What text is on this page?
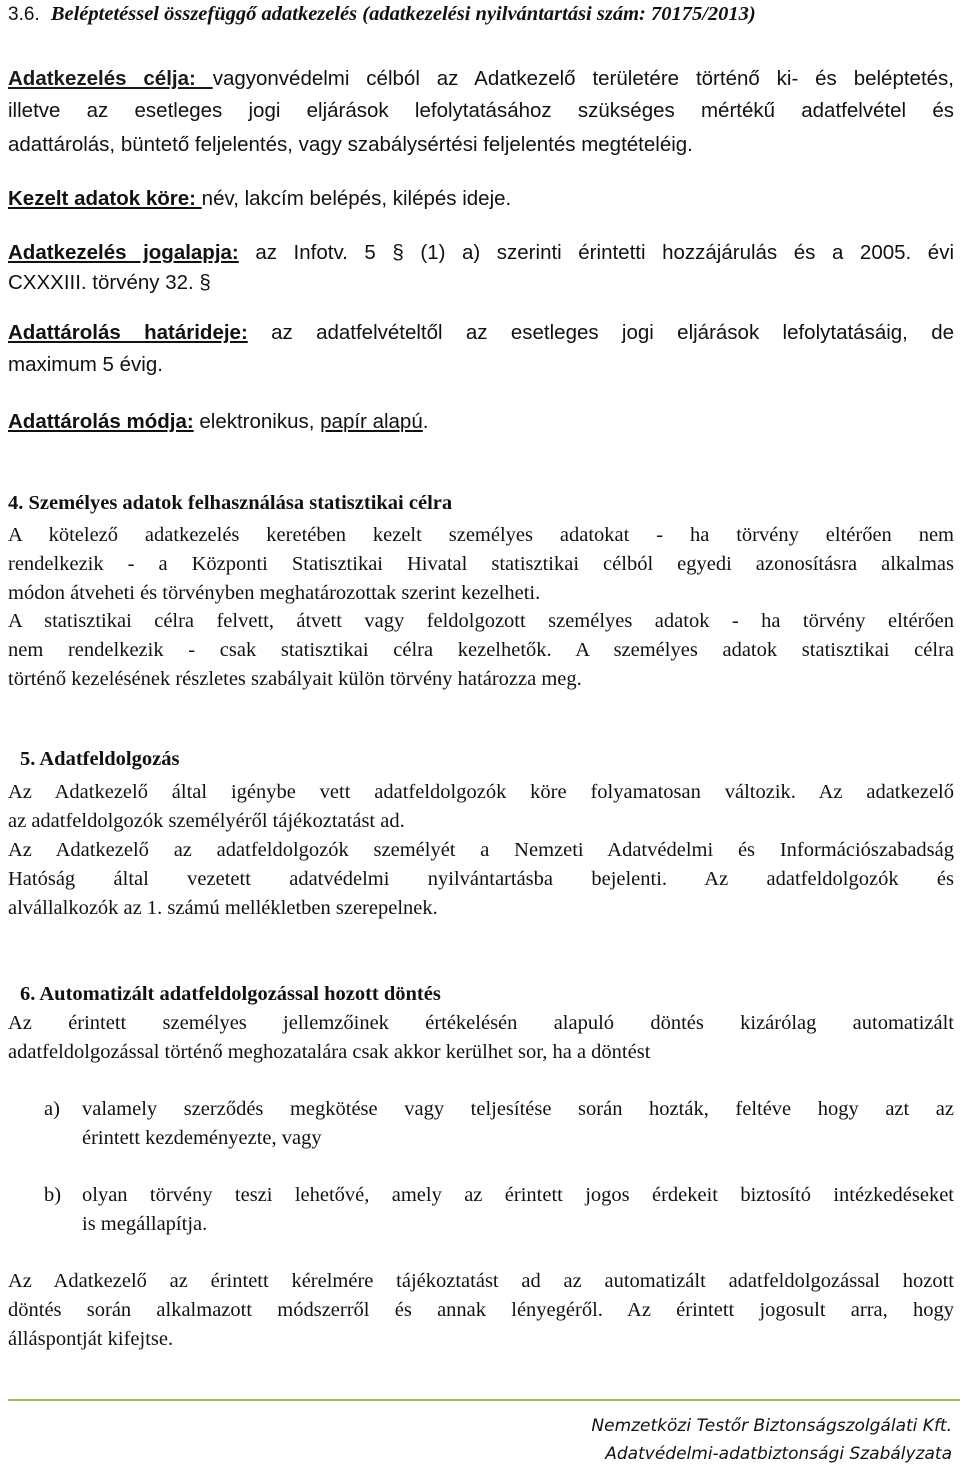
3.6. Beléptetéssel összefüggő adatkezelés (adatkezelési nyilvántartási szám: 70175/2013)
Adatkezelés célja: vagyonvédelmi célból az Adatkezelő területére történő ki- és beléptetés,
illetve az esetleges jogi eljárások lefolytatásához szükséges mértékű adatfelvétel és
adattárolás, büntető feljelentés, vagy szabálysértési feljelentés megtételéig.
Kezelt adatok köre: név, lakcím belépés, kilépés ideje.
Adatkezelés jogalapja: az Infotv. 5 § (1) a) szerinti érintetti hozzájárulás és a 2005. évi
CXXXIII. törvény 32. §
Adattárolás határideje: az adatfelvételtől az esetleges jogi eljárások lefolytatásáig, de
maximum 5 évig.
Adattárolás módja: elektronikus, papír alapú.
4. Személyes adatok felhasználása statisztikai célra
A kötelező adatkezelés keretében kezelt személyes adatokat - ha törvény eltérően nem
rendelkezik - a Központi Statisztikai Hivatal statisztikai célból egyedi azonosításra alkalmas
módon átveheti és törvényben meghatározottak szerint kezelheti.
A statisztikai célra felvett, átvett vagy feldolgozott személyes adatok - ha törvény eltérően
nem rendelkezik - csak statisztikai célra kezelhetők. A személyes adatok statisztikai célra
történő kezelésének részletes szabályait külön törvény határozza meg.
5. Adatfeldolgozás
Az Adatkezelő által igénybe vett adatfeldolgozók köre folyamatosan változik. Az adatkezelő
az adatfeldolgozók személyéről tájékoztatást ad.
Az Adatkezelő az adatfeldolgozók személyét a Nemzeti Adatvédelmi és Információszabadság
Hatóság által vezetett adatvédelmi nyilvántartásba bejelenti. Az adatfeldolgozók és
alvállalkozók az 1. számú mellékletben szerepelnek.
6. Automatizált adatfeldolgozással hozott döntés
Az érintett személyes jellemzőinek értékelésén alapuló döntés kizárólag automatizált
adatfeldolgozással történő meghozatalára csak akkor kerülhet sor, ha a döntést
a) valamely szerződés megkötése vagy teljesítése során hozták, feltéve hogy azt az
érintett kezdeményezte, vagy
b) olyan törvény teszi lehetővé, amely az érintett jogos érdekeit biztosító intézkedéseket
is megállapítja.
Az Adatkezelő az érintett kérelmére tájékoztatást ad az automatizált adatfeldolgozással hozott
döntés során alkalmazott módszerről és annak lényegéről. Az érintett jogosult arra, hogy
álláspontját kifejtse.
Nemzetközi Testőr Biztonságszolgálati Kft.
Adatvédelmi-adatbiztonsági Szabályzata
